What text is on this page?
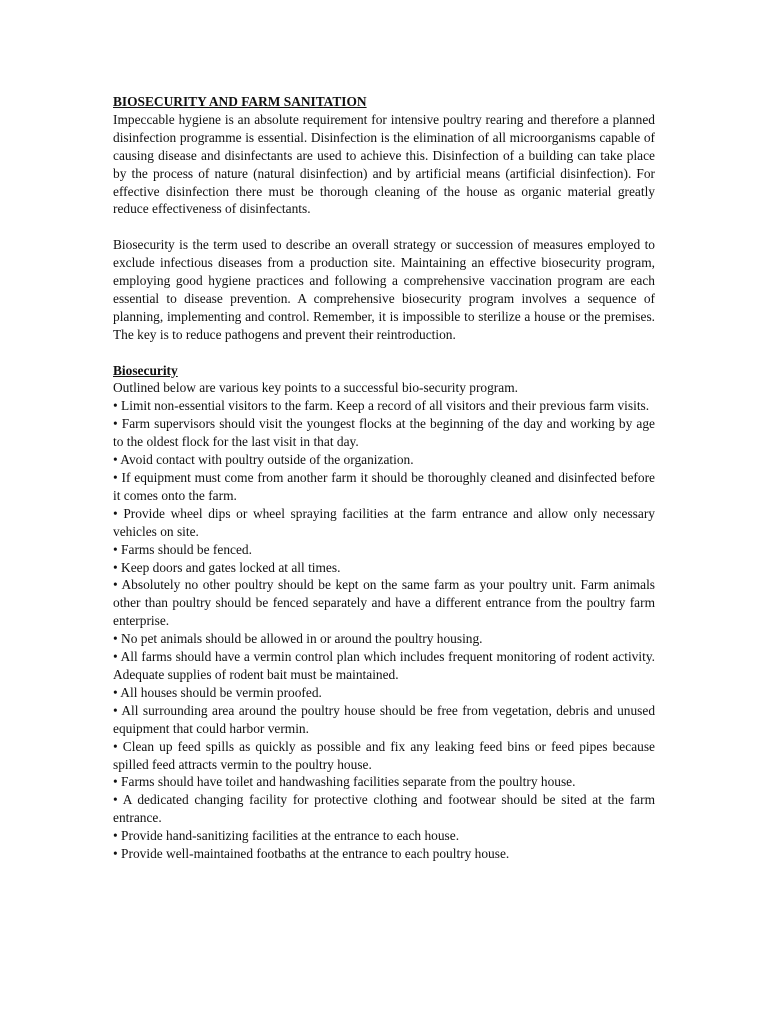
BIOSECURITY AND FARM SANITATION

Impeccable hygiene is an absolute requirement for intensive poultry rearing and therefore a planned disinfection programme is essential. Disinfection is the elimination of all microorganisms capable of causing disease and disinfectants are used to achieve this. Disinfection of a building can take place by the process of nature (natural disinfection) and by artificial means (artificial disinfection). For effective disinfection there must be thorough cleaning of the house as organic material greatly reduce effectiveness of disinfectants.

Biosecurity is the term used to describe an overall strategy or succession of measures employed to exclude infectious diseases from a production site. Maintaining an effective biosecurity program, employing good hygiene practices and following a comprehensive vaccination program are each essential to disease prevention. A comprehensive biosecurity program involves a sequence of planning, implementing and control. Remember, it is impossible to sterilize a house or the premises. The key is to reduce pathogens and prevent their reintroduction.

Biosecurity

Outlined below are various key points to a successful bio-security program.

• Limit non-essential visitors to the farm. Keep a record of all visitors and their previous farm visits.
• Farm supervisors should visit the youngest flocks at the beginning of the day and working by age to the oldest flock for the last visit in that day.
• Avoid contact with poultry outside of the organization.
• If equipment must come from another farm it should be thoroughly cleaned and disinfected before it comes onto the farm.
• Provide wheel dips or wheel spraying facilities at the farm entrance and allow only necessary vehicles on site.
• Farms should be fenced.
• Keep doors and gates locked at all times.
• Absolutely no other poultry should be kept on the same farm as your poultry unit. Farm animals other than poultry should be fenced separately and have a different entrance from the poultry farm enterprise.
• No pet animals should be allowed in or around the poultry housing.
• All farms should have a vermin control plan which includes frequent monitoring of rodent activity. Adequate supplies of rodent bait must be maintained.
• All houses should be vermin proofed.
• All surrounding area around the poultry house should be free from vegetation, debris and unused equipment that could harbor vermin.
• Clean up feed spills as quickly as possible and fix any leaking feed bins or feed pipes because spilled feed attracts vermin to the poultry house.
• Farms should have toilet and handwashing facilities separate from the poultry house.
• A dedicated changing facility for protective clothing and footwear should be sited at the farm entrance.
• Provide hand-sanitizing facilities at the entrance to each house.
• Provide well-maintained footbaths at the entrance to each poultry house.
